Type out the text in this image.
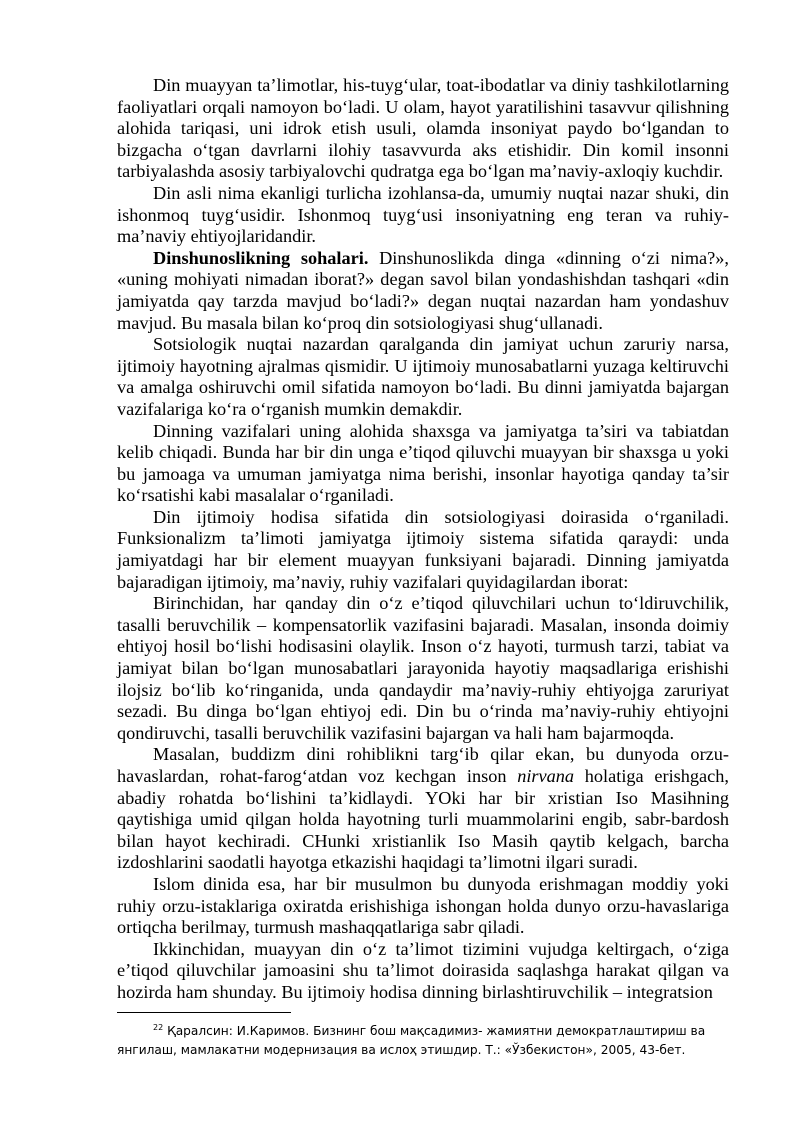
Din muayyan ta’limotlar, his-tuyg‘ular, toat-ibodatlar va diniy tashkilotlarning faoliyatlari orqali namoyon bo‘ladi. U olam, hayot yaratilishini tasavvur qilishning alohida tariqasi, uni idrok etish usuli, olamda insoniyat paydo bo‘lgandan to bizgacha o‘tgan davrlarni ilohiy tasavvurda aks etishidir. Din komil insonni tarbiyalashda asosiy tarbiyalovchi qudratga ega bo‘lgan ma’naviy-axloqiy kuchdir.

Din asli nima ekanligi turlicha izohlansa-da, umumiy nuqtai nazar shuki, din ishonmoq tuyg‘usidir. Ishonmoq tuyg‘usi insoniyatning eng teran va ruhiy-ma’naviy ehtiyojlaridandir.

Dinshunoslikning sohalari. Dinshunoslikda dinga «dinning o‘zi nima?», «uning mohiyati nimadan iborat?» degan savol bilan yondashishdan tashqari «din jamiyatda qay tarzda mavjud bo‘ladi?» degan nuqtai nazardan ham yondashuv mavjud. Bu masala bilan ko‘proq din sotsiologiyasi shug‘ullanadi.

Sotsiologik nuqtai nazardan qaralganda din jamiyat uchun zaruriy narsa, ijtimoiy hayotning ajralmas qismidir. U ijtimoiy munosabatlarni yuzaga keltiruvchi va amalga oshiruvchi omil sifatida namoyon bo‘ladi. Bu dinni jamiyatda bajargan vazifalariga ko‘ra o‘rganish mumkin demakdir.

Dinning vazifalari uning alohida shaxsga va jamiyatga ta’siri va tabiatdan kelib chiqadi. Bunda har bir din unga e’tiqod qiluvchi muayyan bir shaxsga u yoki bu jamoaga va umuman jamiyatga nima berishi, insonlar hayotiga qanday ta’sir ko‘rsatishi kabi masalalar o‘rganiladi.

Din ijtimoiy hodisa sifatida din sotsiologiyasi doirasida o‘rganiladi. Funksionalizm ta’limoti jamiyatga ijtimoiy sistema sifatida qaraydi: unda jamiyatdagi har bir element muayyan funksiyani bajaradi. Dinning jamiyatda bajaradigan ijtimoiy, ma’naviy, ruhiy vazifalari quyidagilardan iborat:

Birinchidan, har qanday din o‘z e’tiqod qiluvchilari uchun to‘ldiruvchilik, tasalli beruvchilik – kompensatorlik vazifasini bajaradi. Masalan, insonda doimiy ehtiyoj hosil bo‘lishi hodisasini olaylik. Inson o‘z hayoti, turmush tarzi, tabiat va jamiyat bilan bo‘lgan munosabatlari jarayonida hayotiy maqsadlariga erishishi ilojsiz bo‘lib ko‘ringanida, unda qandaydir ma’naviy-ruhiy ehtiyojga zaruriyat sezadi. Bu dinga bo‘lgan ehtiyoj edi. Din bu o‘rinda ma’naviy-ruhiy ehtiyojni qondiruvchi, tasalli beruvchilik vazifasini bajargan va hali ham bajarmoqda.

Masalan, buddizm dini rohiblikni targ‘ib qilar ekan, bu dunyoda orzu-havaslardan, rohat-farog‘atdan voz kechgan inson nirvana holatiga erishgach, abadiy rohatda bo‘lishini ta’kidlaydi. YOki har bir xristian Iso Masihning qaytishiga umid qilgan holda hayotning turli muammolarini engib, sabr-bardosh bilan hayot kechiradi. CHunki xristianlik Iso Masih qaytib kelgach, barcha izdoshlarini saodatli hayotga etkazishi haqidagi ta’limotni ilgari suradi.

Islom dinida esa, har bir musulmon bu dunyoda erishmagan moddiy yoki ruhiy orzu-istaklariga oxiratda erishishiga ishongan holda dunyo orzu-havaslariga ortiqcha berilmay, turmush mashaqqatlariga sabr qiladi.

Ikkinchidan, muayyan din o‘z ta’limot tizimini vujudga keltirgach, o‘ziga e’tiqod qiluvchilar jamoasini shu ta’limot doirasida saqlashga harakat qilgan va hozirda ham shunday. Bu ijtimoiy hodisa dinning birlashtiruvchilik – integratsion

$^{22}$ Қаралсин: И.Каримов. Бизнинг бош мақсадимиз- жамиятни демократлаштириш ва янгилаш, мамлакатни модернизация ва ислоҳ этишдир. Т.: «Ўзбекистон», 2005, 43-бет.
